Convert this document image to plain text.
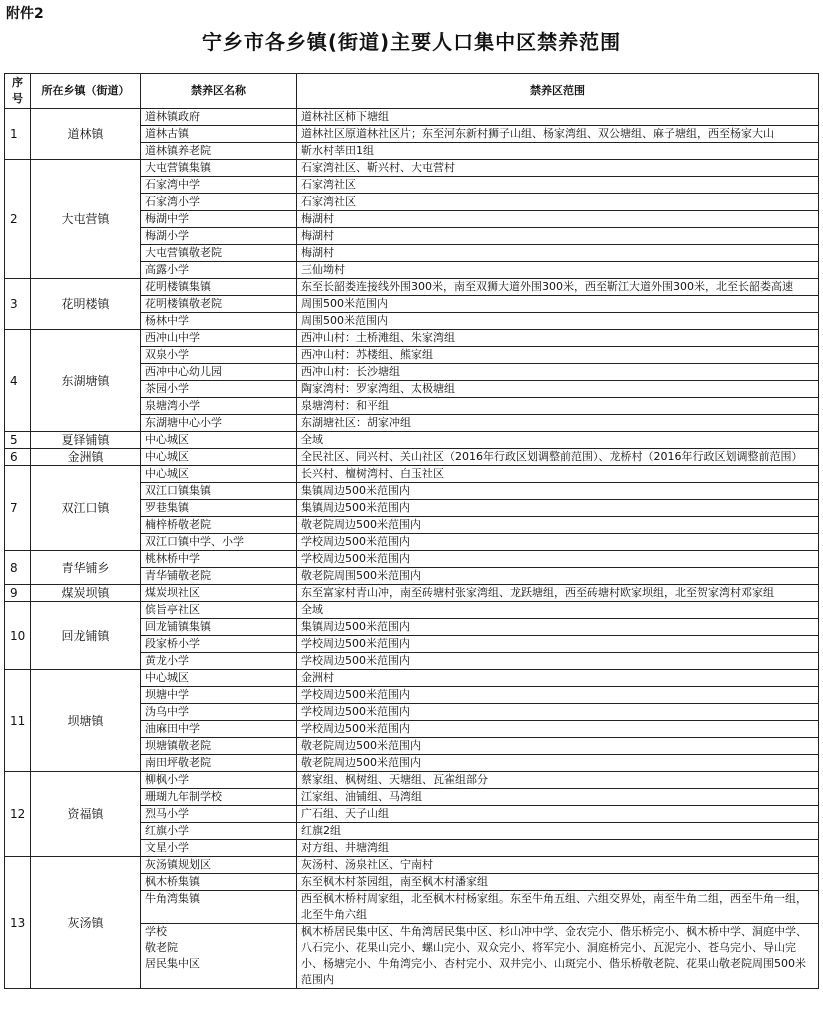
附件2
宁乡市各乡镇(街道)主要人口集中区禁养范围
序号	所在乡镇（街道）	禁养区名称	禁养区范围
1	道林镇	道林镇政府	道林社区柿下塘组
		道林古镇	道林社区原道林社区片；东至河东新村狮子山组、杨家湾组、双公塘组、麻子塘组，西至杨家大山
		道林镇养老院	靳水村莘田1组
2	大屯营镇	大屯营镇集镇	石家湾社区、靳兴村、大屯营村
		石家湾中学	石家湾社区
		石家湾小学	石家湾社区
		梅湖中学	梅湖村
		梅湖小学	梅湖村
		大屯营镇敬老院	梅湖村
		高露小学	三仙坳村
3	花明楼镇	花明楼镇集镇	东至长韶娄连接线外围300米，南至双狮大道外围300米，西至靳江大道外围300米，北至长韶娄高速
		花明楼镇敬老院	周围500米范围内
		杨林中学	周围500米范围内
4	东湖塘镇	西冲山中学	西冲山村：土桥滩组、朱家湾组
		双泉小学	西冲山村：苏楼组、熊家组
		西冲中心幼儿园	西冲山村：长沙塘组
		茶园小学	陶家湾村：罗家湾组、太极塘组
		泉塘湾小学	泉塘湾村：和平组
		东湖塘中心小学	东湖塘社区：胡家冲组
5	夏铎铺镇	中心城区	全域
6	金洲镇	中心城区	全民社区、同兴村、关山社区（2016年行政区划调整前范围）、龙桥村（2016年行政区划调整前范围）
7	双江口镇	中心城区	长兴村、檀树湾村、白玉社区
		双江口镇集镇	集镇周边500米范围内
		罗巷集镇	集镇周边500米范围内
		楠梓桥敬老院	敬老院周边500米范围内
		双江口镇中学、小学	学校周边500米范围内
8	青华铺乡	桃林桥中学	学校周边500米范围内
		青华铺敬老院	敬老院周围500米范围内
9	煤炭坝镇	煤炭坝社区	东至富家村青山冲，南至砖塘村张家湾组、龙跃塘组，西至砖塘村欧家坝组，北至贺家湾村邓家组
10	回龙铺镇	傧旨亭社区	全域
		回龙铺镇集镇	集镇周边500米范围内
		段家桥小学	学校周边500米范围内
		黄龙小学	学校周边500米范围内
11	坝塘镇	中心城区	金洲村
		坝塘中学	学校周边500米范围内
		沩乌中学	学校周边500米范围内
		油麻田中学	学校周边500米范围内
		坝塘镇敬老院	敬老院周边500米范围内
		南田坪敬老院	敬老院周边500米范围内
12	资福镇	柳枫小学	蔡家组、枫树组、天塘组、瓦雀组部分
		珊瑚九年制学校	江家组、油铺组、马湾组
		烈马小学	广石组、天子山组
		红旗小学	红旗2组
		文星小学	对方组、井塘湾组
13	灰汤镇	灰汤镇规划区	灰汤村、汤泉社区、宁南村
		枫木桥集镇	东至枫木村茶园组，南至枫木村潘家组
		牛角湾集镇	西至枫木桥村周家组，北至枫木村杨家组。东至牛角五组、六组交界处，南至牛角二组，西至牛角一组，北至牛角六组
		学校
敬老院
居民集中区	枫木桥居民集中区、牛角湾居民集中区、杉山冲中学、金农完小、偕乐桥完小、枫木桥中学、洞庭中学、八石完小、花果山完小、螺山完小、双众完小、将军完小、洞庭桥完小、瓦泥完小、苍乌完小、导山完小、杨塘完小、牛角湾完小、杏村完小、双井完小、山斑完小、偕乐桥敬老院、花果山敬老院周围500米范围内
